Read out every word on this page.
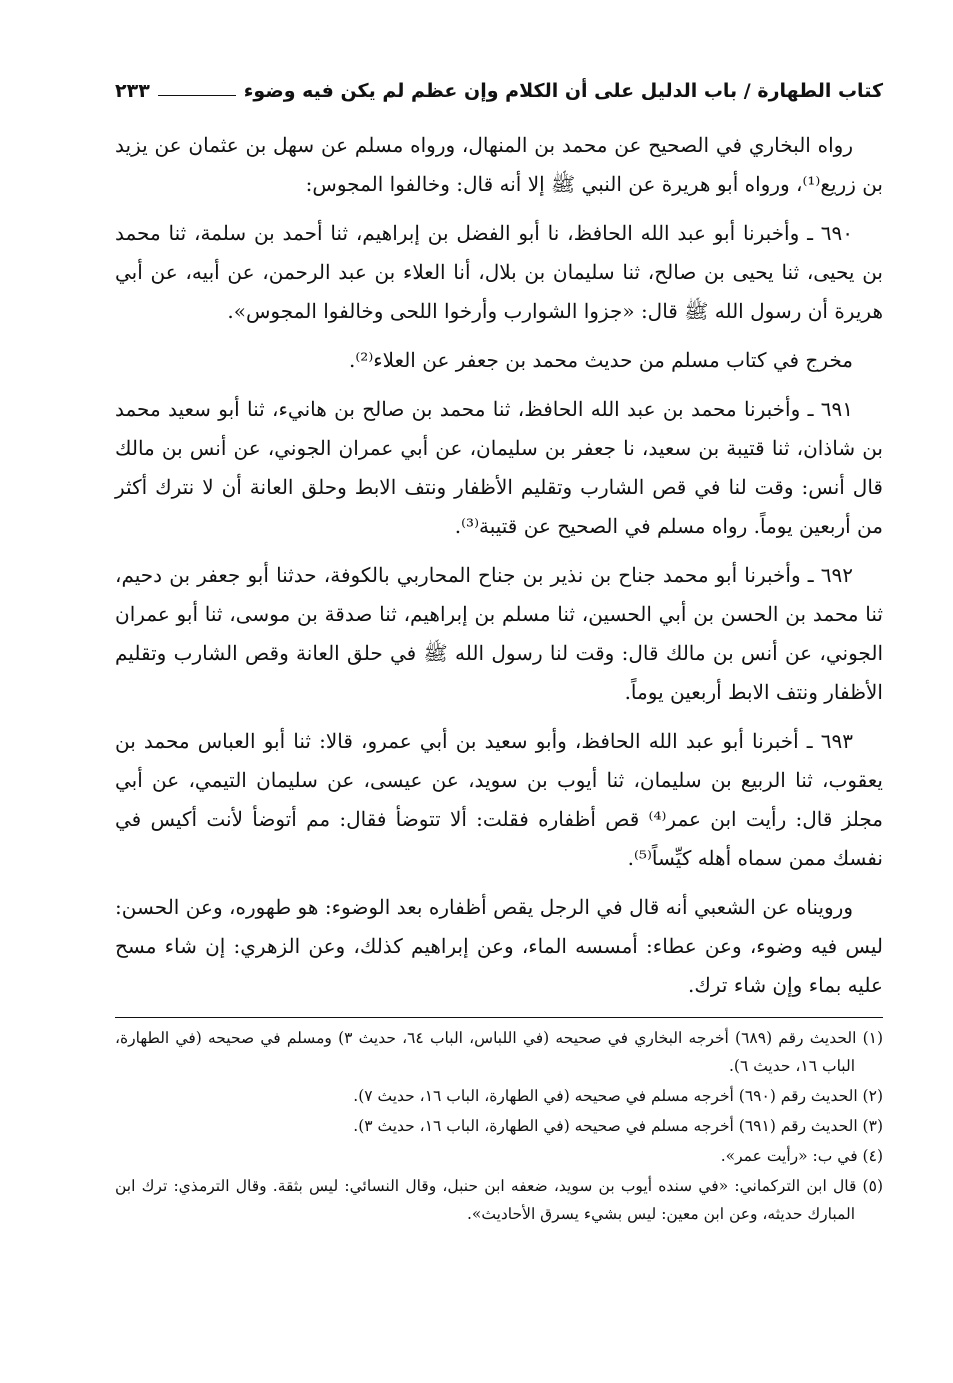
كتاب الطهارة / باب الدليل على أن الكلام وإن عظم لم يكن فيه وضوء
٢٣٣

رواه البخاري في الصحيح عن محمد بن المنهال، ورواه مسلم عن سهل بن عثمان عن يزيد بن زريع⁽¹⁾، ورواه أبو هريرة عن النبي ﷺ إلا أنه قال: وخالفوا المجوس:

٦٩٠ ـ وأخبرنا أبو عبد الله الحافظ، نا أبو الفضل بن إبراهيم، ثنا أحمد بن سلمة، ثنا محمد بن يحيى، ثنا يحيى بن صالح، ثنا سليمان بن بلال، أنا العلاء بن عبد الرحمن، عن أبيه، عن أبي هريرة أن رسول الله ﷺ قال: «جزوا الشوارب وأرخوا اللحى وخالفوا المجوس».

مخرج في كتاب مسلم من حديث محمد بن جعفر عن العلاء⁽²⁾.

٦٩١ ـ وأخبرنا محمد بن عبد الله الحافظ، ثنا محمد بن صالح بن هانيء، ثنا أبو سعيد محمد بن شاذان، ثنا قتيبة بن سعيد، نا جعفر بن سليمان، عن أبي عمران الجوني، عن أنس بن مالك قال أنس: وقت لنا في قص الشارب وتقليم الأظفار ونتف الابط وحلق العانة أن لا نترك أكثر من أربعين يوماً. رواه مسلم في الصحيح عن قتيبة⁽³⁾.

٦٩٢ ـ وأخبرنا أبو محمد جناح بن نذير بن جناح المحاربي بالكوفة، حدثنا أبو جعفر بن دحيم، ثنا محمد بن الحسن بن أبي الحسين، ثنا مسلم بن إبراهيم، ثنا صدقة بن موسى، ثنا أبو عمران الجوني، عن أنس بن مالك قال: وقت لنا رسول الله ﷺ في حلق العانة وقص الشارب وتقليم الأظفار ونتف الابط أربعين يوماً.

٦٩٣ ـ أخبرنا أبو عبد الله الحافظ، وأبو سعيد بن أبي عمرو، قالا: ثنا أبو العباس محمد بن يعقوب، ثنا الربيع بن سليمان، ثنا أيوب بن سويد، عن عيسى، عن سليمان التيمي، عن أبي مجلز قال: رأيت ابن عمر⁽⁴⁾ قص أظفاره فقلت: ألا تتوضأ فقال: مم أتوضأ لأنت أكيس في نفسك ممن سماه أهله كيِّساً⁽⁵⁾.

ورويناه عن الشعبي أنه قال في الرجل يقص أظفاره بعد الوضوء: هو طهوره، وعن الحسن: ليس فيه وضوء، وعن عطاء: أمسسه الماء، وعن إبراهيم كذلك، وعن الزهري: إن شاء مسح عليه بماء وإن شاء ترك.

(١) الحديث رقم (٦٨٩) أخرجه البخاري في صحيحه (في اللباس، الباب ٦٤، حديث ٣) ومسلم في صحيحه (في الطهارة، الباب ١٦، حديث ٦).

(٢) الحديث رقم (٦٩٠) أخرجه مسلم في صحيحه (في الطهارة، الباب ١٦، حديث ٧).

(٣) الحديث رقم (٦٩١) أخرجه مسلم في صحيحه (في الطهارة، الباب ١٦، حديث ٣).

(٤) في ب: «رأيت عمر».

(٥) قال ابن التركماني: «في سنده أيوب بن سويد، ضعفه ابن حنبل، وقال النسائي: ليس بثقة. وقال الترمذي: ترك ابن المبارك حديثه، وعن ابن معين: ليس بشيء يسرق الأحاديث».
